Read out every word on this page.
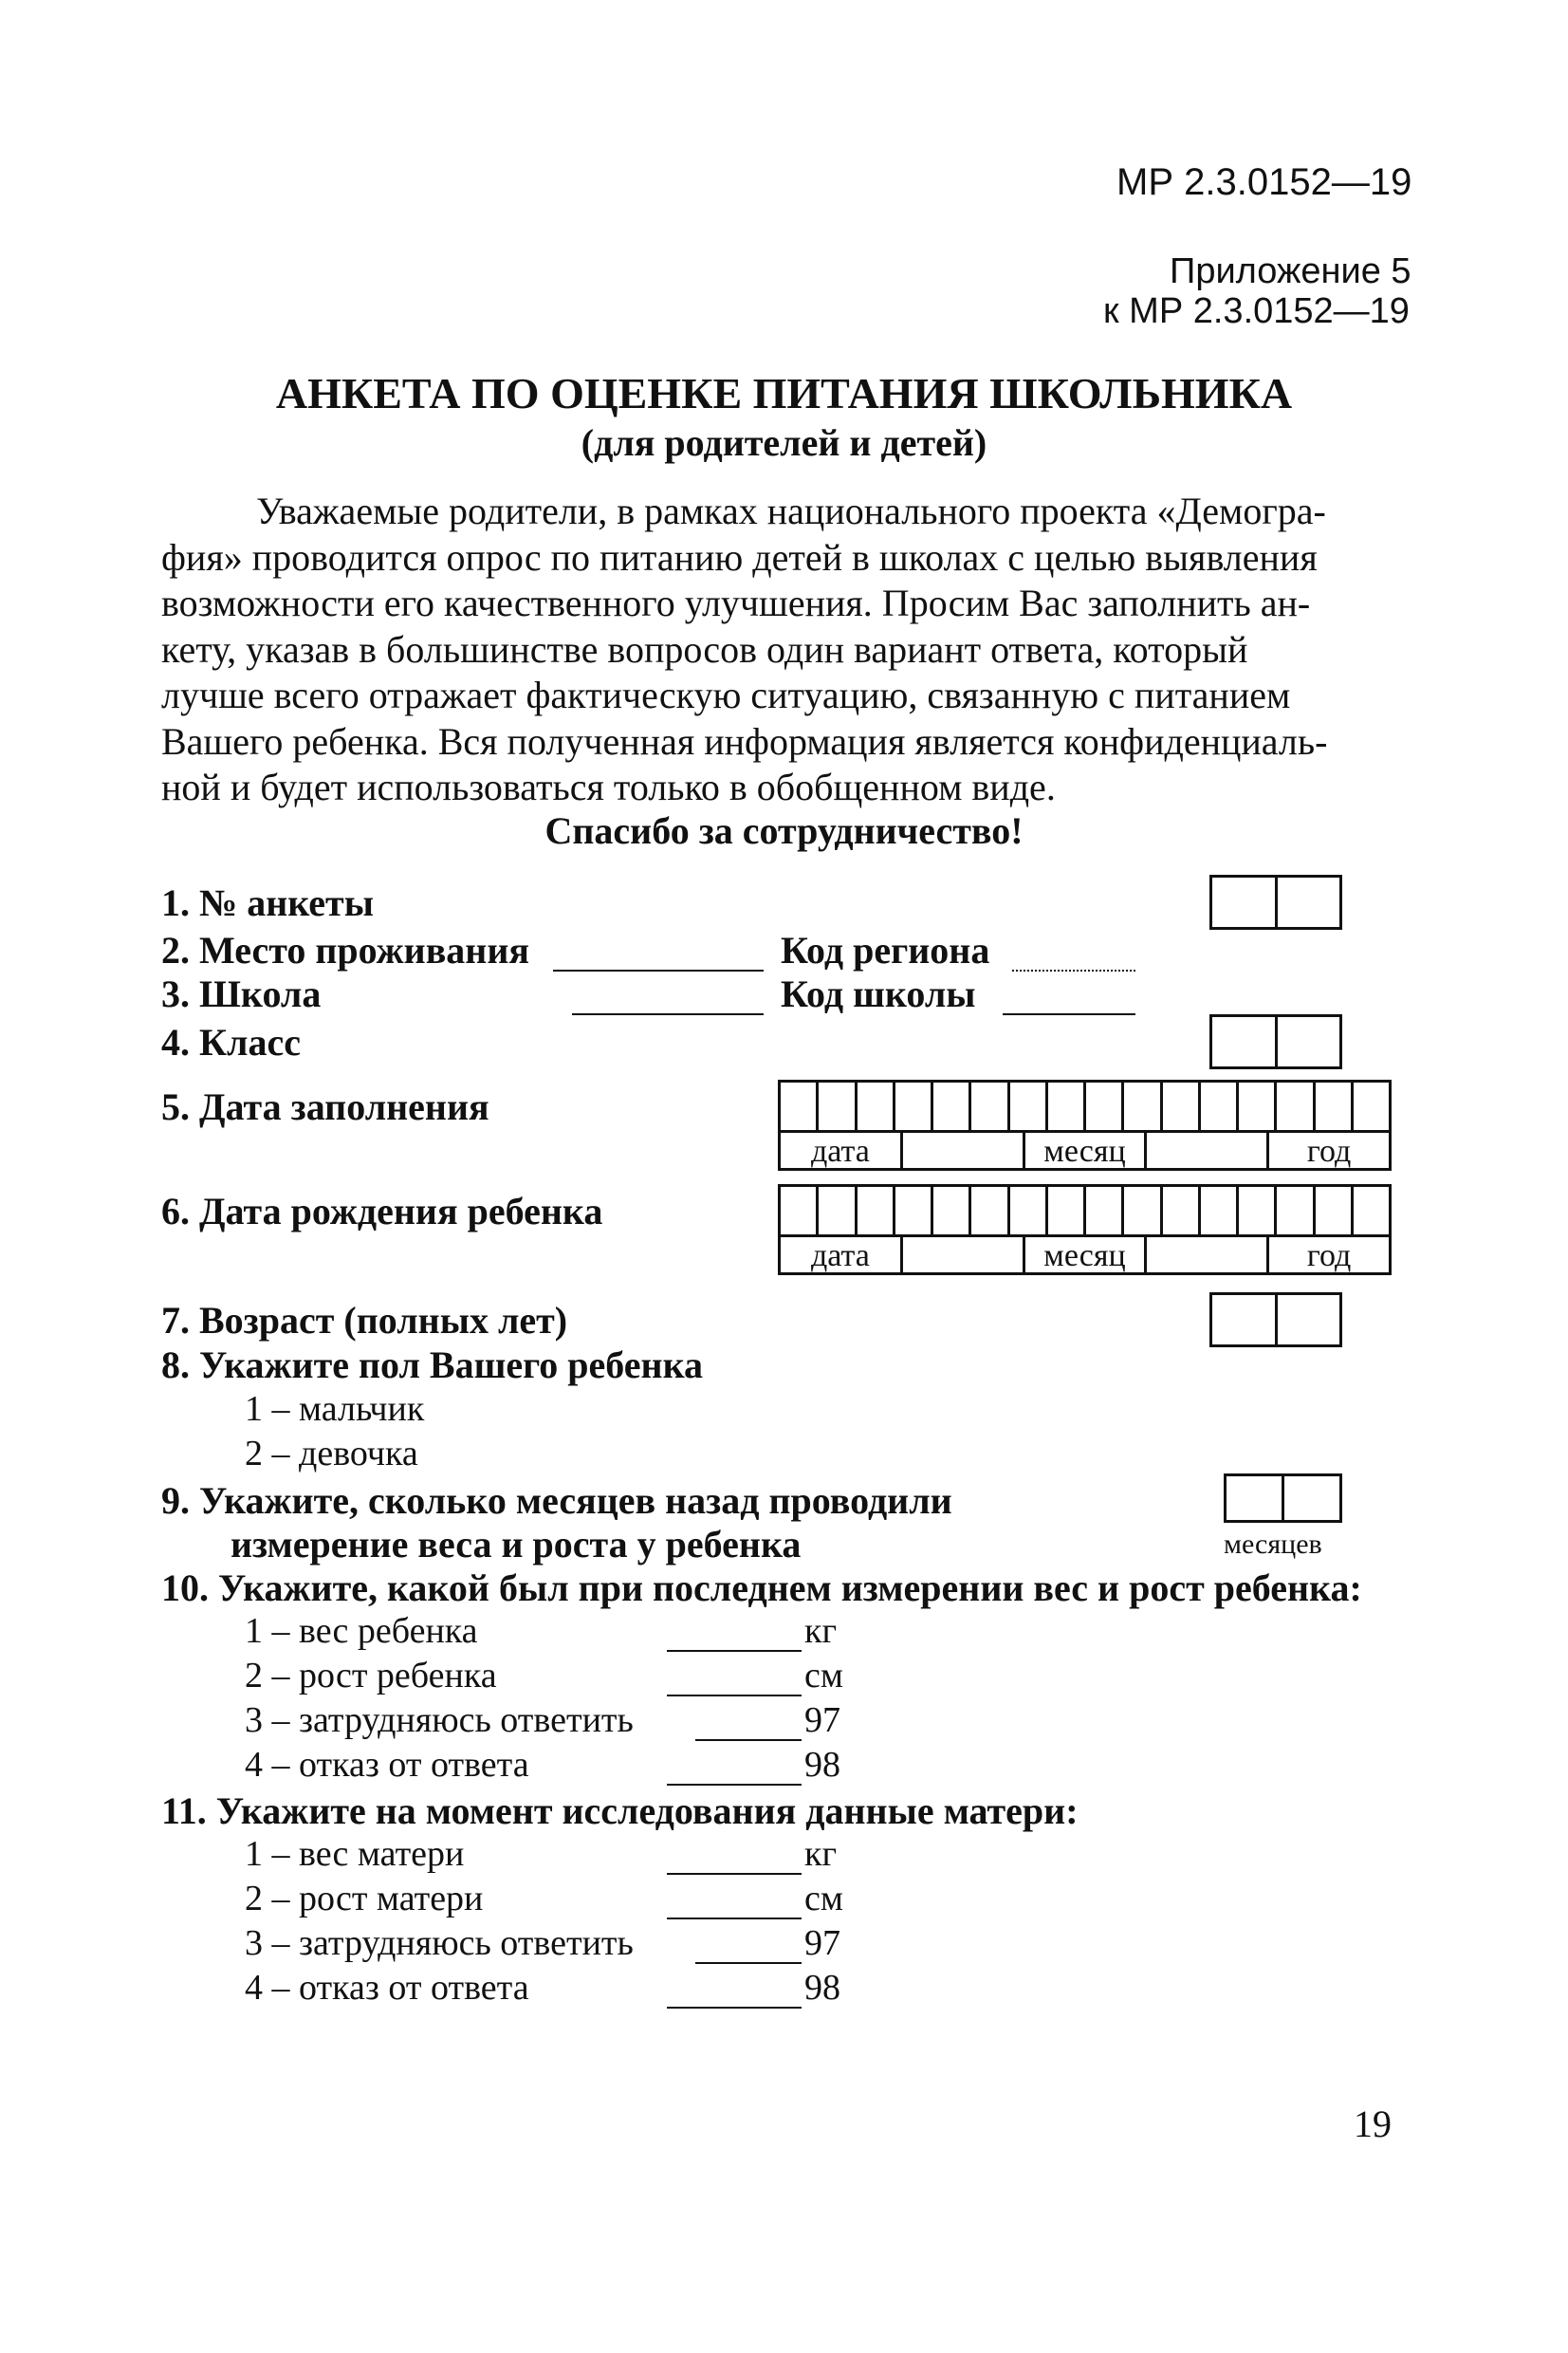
МР 2.3.0152—19
Приложение 5
к МР 2.3.0152—19
АНКЕТА ПО ОЦЕНКЕ ПИТАНИЯ ШКОЛЬНИКА
(для родителей и детей)
Уважаемые родители, в рамках национального проекта «Демогра-
фия» проводится опрос по питанию детей в школах с целью выявления
возможности его качественного улучшения. Просим Вас заполнить ан-
кету, указав в большинстве вопросов один вариант ответа, который
лучше всего отражает фактическую ситуацию, связанную с питанием
Вашего ребенка. Вся полученная информация является конфиденциаль-
ной и будет использоваться только в обобщенном виде.
Спасибо за сотрудничество!
1. № анкеты
2. Место проживания	Код региона
3. Школа	Код школы
4. Класс
5. Дата заполнения
дата	месяц	год
6. Дата рождения ребенка
дата	месяц	год
7. Возраст (полных лет)
8. Укажите пол Вашего ребенка
1 – мальчик
2 – девочка
9. Укажите, сколько месяцев назад проводили
измерение веса и роста у ребенка	месяцев
10. Укажите, какой был при последнем измерении вес и рост ребенка:
1 – вес ребенка	кг
2 – рост ребенка	см
3 – затрудняюсь ответить	97
4 – отказ от ответа	98
11. Укажите на момент исследования данные матери:
1 – вес матери	кг
2 – рост матери	см
3 – затрудняюсь ответить	97
4 – отказ от ответа	98
19
